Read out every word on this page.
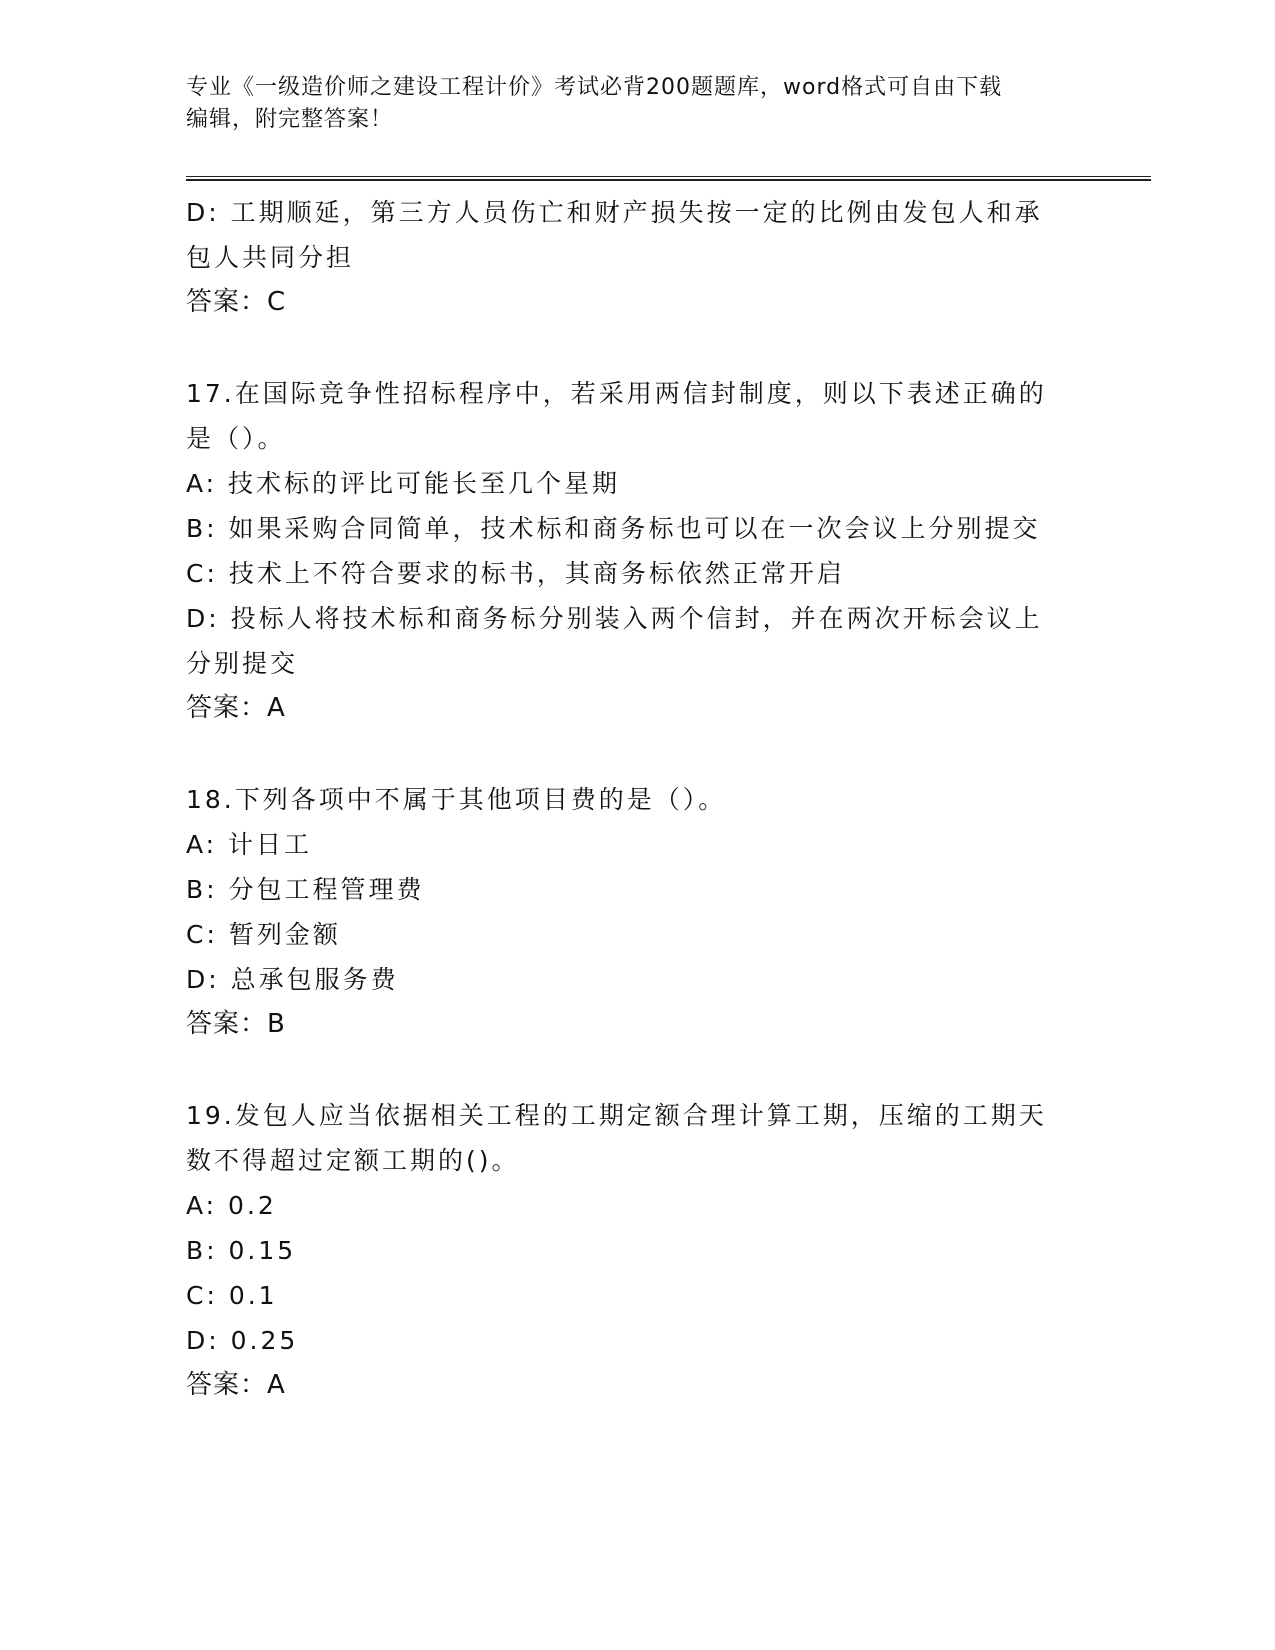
专业《一级造价师之建设工程计价》考试必背200题题库，word格式可自由下载
编辑，附完整答案！
D: 工期顺延，第三方人员伤亡和财产损失按一定的比例由发包人和承
包人共同分担
答案：C
17.在国际竞争性招标程序中，若采用两信封制度，则以下表述正确的
是（）。
A: 技术标的评比可能长至几个星期
B: 如果采购合同简单，技术标和商务标也可以在一次会议上分别提交
C: 技术上不符合要求的标书，其商务标依然正常开启
D: 投标人将技术标和商务标分别装入两个信封，并在两次开标会议上
分别提交
答案：A
18.下列各项中不属于其他项目费的是（）。
A: 计日工
B: 分包工程管理费
C: 暂列金额
D: 总承包服务费
答案：B
19.发包人应当依据相关工程的工期定额合理计算工期，压缩的工期天
数不得超过定额工期的()。
A: 0.2
B: 0.15
C: 0.1
D: 0.25
答案：A
